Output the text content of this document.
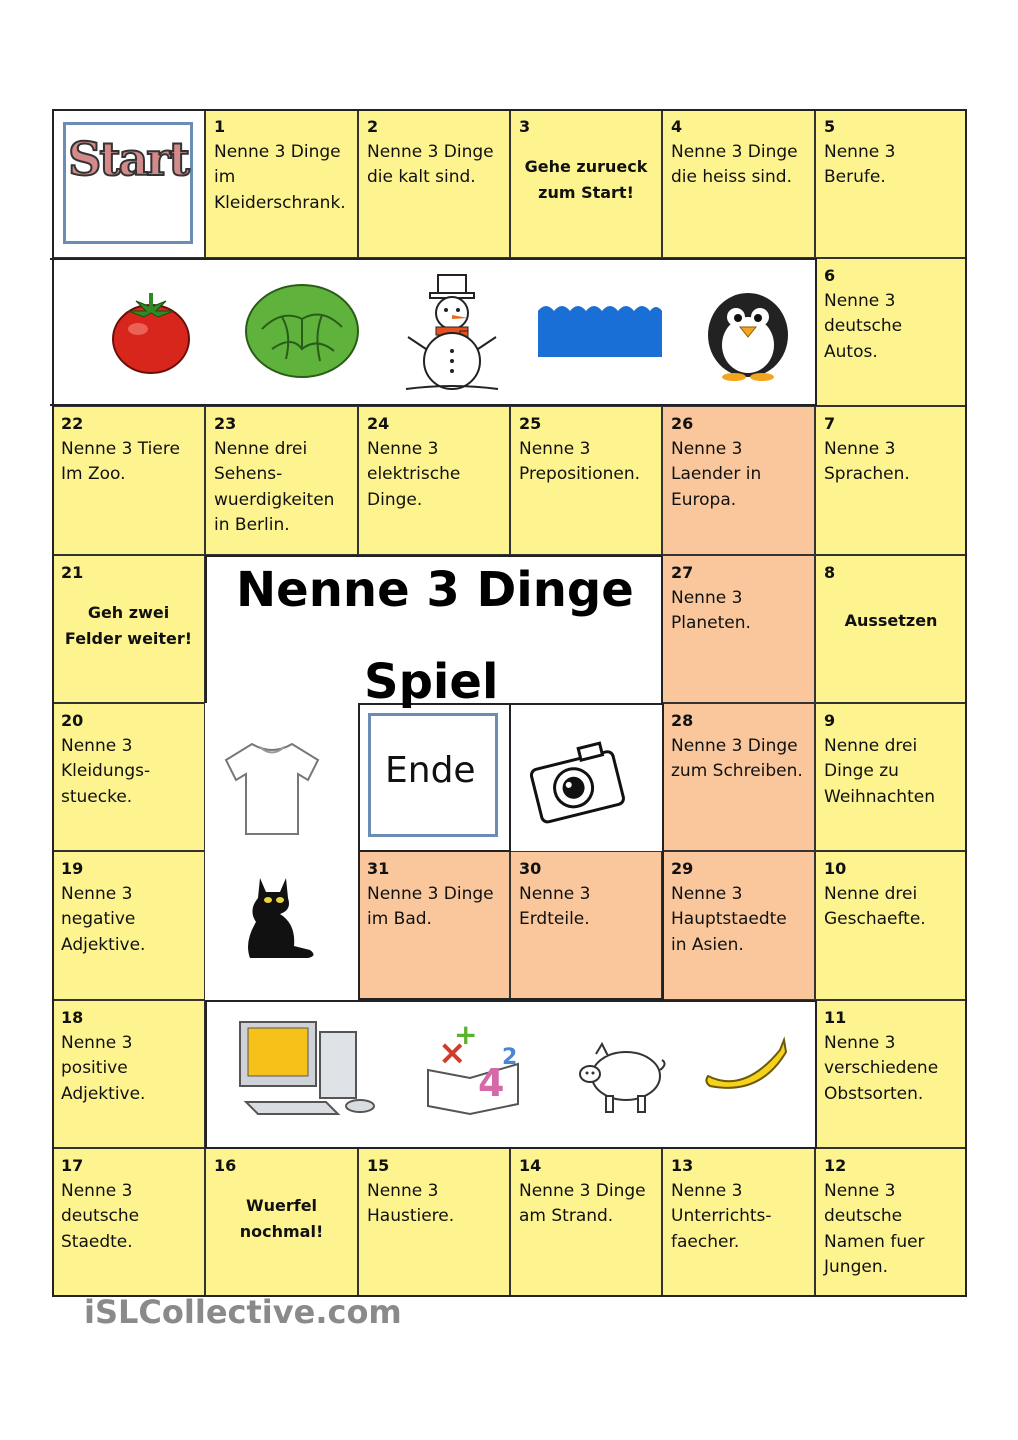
Start
1
Nenne 3 Dinge
im
Kleiderschrank.
2
Nenne 3 Dinge
die kalt sind.
3
Gehe zurueck
zum Start!
4
Nenne 3 Dinge
die heiss sind.
5
Nenne 3
Berufe.
6
Nenne 3
deutsche
Autos.
7
Nenne 3
Sprachen.
8
Aussetzen
9
Nenne drei
Dinge zu
Weihnachten
10
Nenne drei
Geschaefte.
11
Nenne 3
verschiedene
Obstsorten.
12
Nenne 3
deutsche
Namen fuer
Jungen.
13
Nenne 3
Unterrichts-
faecher.
14
Nenne 3 Dinge
am Strand.
15
Nenne 3
Haustiere.
16
Wuerfel
nochmal!
17
Nenne 3
deutsche
Staedte.
18
Nenne 3
positive
Adjektive.
19
Nenne 3
negative
Adjektive.
20
Nenne 3
Kleidungs-
stuecke.
21
Geh zwei
Felder weiter!
22
Nenne 3 Tiere
Im Zoo.
23
Nenne drei
Sehens-
wuerdigkeiten
in Berlin.
24
Nenne 3
elektrische
Dinge.
25
Nenne 3
Prepositionen.
26
Nenne 3
Laender in
Europa.
27
Nenne 3
Planeten.
28
Nenne 3 Dinge
zum Schreiben.
29
Nenne 3
Hauptstaedte
in Asien.
30
Nenne 3
Erdteile.
31
Nenne 3 Dinge
im Bad.
Nenne 3 Dinge
Spiel
Ende
×
+
4
2
iSLCollective.com
